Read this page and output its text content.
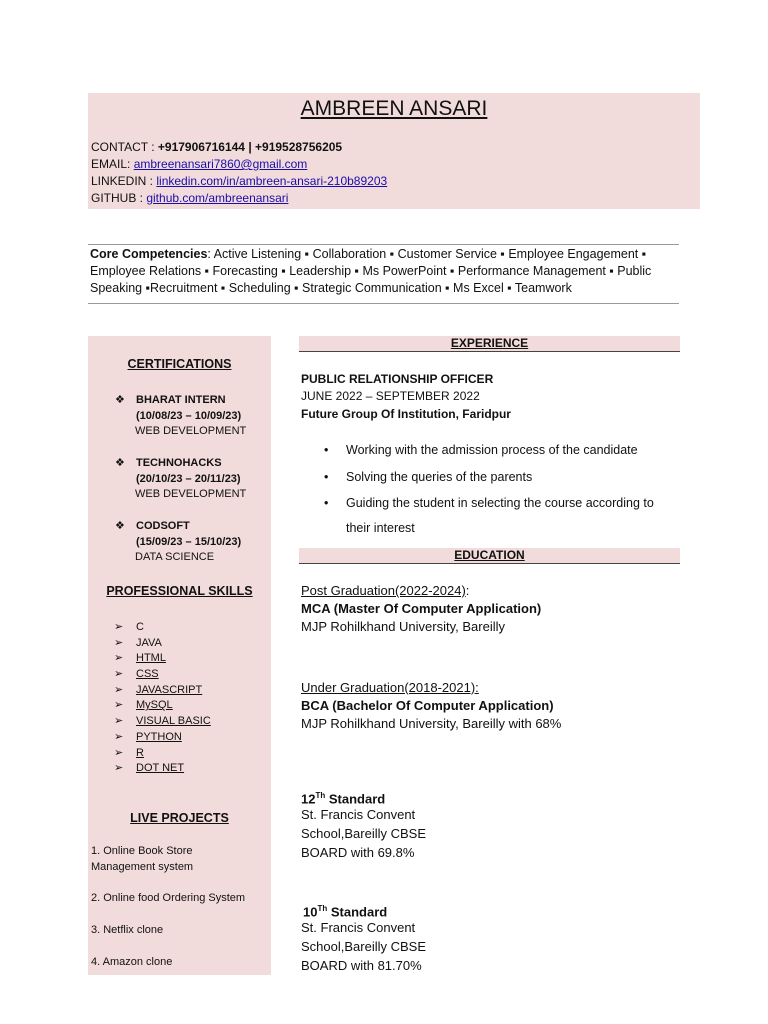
AMBREEN ANSARI
CONTACT : +917906716144 | +919528756205
EMAIL: ambreenansari7860@gmail.com
LINKEDIN : linkedin.com/in/ambreen-ansari-210b89203
GITHUB : github.com/ambreenansari
Core Competencies: Active Listening ▪ Collaboration ▪ Customer Service ▪ Employee Engagement ▪ Employee Relations ▪ Forecasting ▪ Leadership ▪ Ms PowerPoint ▪ Performance Management ▪ Public Speaking ▪Recruitment ▪ Scheduling ▪ Strategic Communication ▪ Ms Excel ▪ Teamwork
CERTIFICATIONS
❖ BHARAT INTERN
(10/08/23 – 10/09/23)
WEB DEVELOPMENT
❖ TECHNOHACKS
(20/10/23 – 20/11/23)
WEB DEVELOPMENT
❖ CODSOFT
(15/09/23 – 15/10/23)
DATA SCIENCE
PROFESSIONAL SKILLS
➢ C
➢ JAVA
➢ HTML
➢ CSS
➢ JAVASCRIPT
➢ MySQL
➢ VISUAL BASIC
➢ PYTHON
➢ R
➢ DOT NET
LIVE PROJECTS
1. Online Book Store
Management system
2. Online food Ordering System
3. Netflix clone
4. Amazon clone
EXPERIENCE
PUBLIC RELATIONSHIP OFFICER
JUNE 2022 – SEPTEMBER 2022
Future Group Of Institution, Faridpur
• Working with the admission process of the candidate
• Solving the queries of the parents
• Guiding the student in selecting the course according to their interest
EDUCATION
Post Graduation(2022-2024):
MCA (Master Of Computer Application)
MJP Rohilkhand University, Bareilly
Under Graduation(2018-2021):
BCA (Bachelor Of Computer Application)
MJP Rohilkhand University, Bareilly with 68%
12Th Standard
St. Francis Convent
School,Bareilly CBSE
BOARD with 69.8%
10Th Standard
St. Francis Convent
School,Bareilly CBSE
BOARD with 81.70%
